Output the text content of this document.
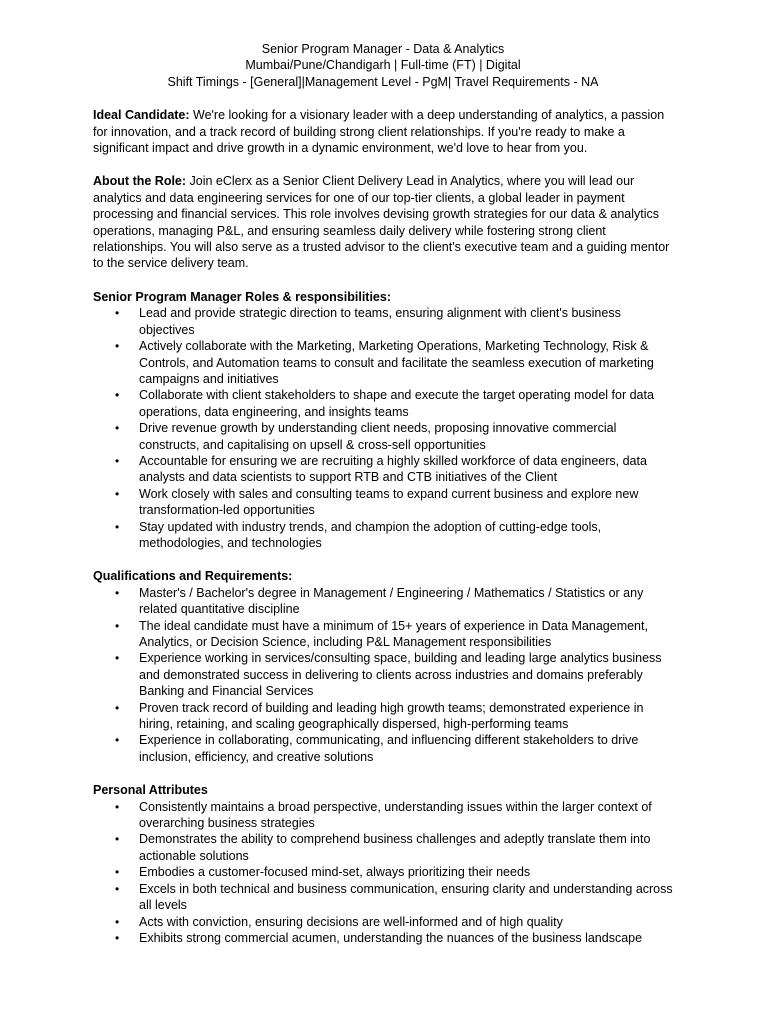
Senior Program Manager - Data & Analytics
Mumbai/Pune/Chandigarh | Full-time (FT) | Digital
Shift Timings - [General]|Management Level - PgM| Travel Requirements - NA
Ideal Candidate: We're looking for a visionary leader with a deep understanding of analytics, a passion for innovation, and a track record of building strong client relationships. If you're ready to make a significant impact and drive growth in a dynamic environment, we'd love to hear from you.
About the Role: Join eClerx as a Senior Client Delivery Lead in Analytics, where you will lead our analytics and data engineering services for one of our top-tier clients, a global leader in payment processing and financial services. This role involves devising growth strategies for our data & analytics operations, managing P&L, and ensuring seamless daily delivery while fostering strong client relationships. You will also serve as a trusted advisor to the client's executive team and a guiding mentor to the service delivery team.
Senior Program Manager Roles & responsibilities:
• Lead and provide strategic direction to teams, ensuring alignment with client's business objectives
• Actively collaborate with the Marketing, Marketing Operations, Marketing Technology, Risk & Controls, and Automation teams to consult and facilitate the seamless execution of marketing campaigns and initiatives
• Collaborate with client stakeholders to shape and execute the target operating model for data operations, data engineering, and insights teams
• Drive revenue growth by understanding client needs, proposing innovative commercial constructs, and capitalising on upsell & cross-sell opportunities
• Accountable for ensuring we are recruiting a highly skilled workforce of data engineers, data analysts and data scientists to support RTB and CTB initiatives of the Client
• Work closely with sales and consulting teams to expand current business and explore new transformation-led opportunities
• Stay updated with industry trends, and champion the adoption of cutting-edge tools, methodologies, and technologies
Qualifications and Requirements:
• Master's / Bachelor's degree in Management / Engineering / Mathematics / Statistics or any related quantitative discipline
• The ideal candidate must have a minimum of 15+ years of experience in Data Management, Analytics, or Decision Science, including P&L Management responsibilities
• Experience working in services/consulting space, building and leading large analytics business and demonstrated success in delivering to clients across industries and domains preferably Banking and Financial Services
• Proven track record of building and leading high growth teams; demonstrated experience in hiring, retaining, and scaling geographically dispersed, high-performing teams
• Experience in collaborating, communicating, and influencing different stakeholders to drive inclusion, efficiency, and creative solutions
Personal Attributes
• Consistently maintains a broad perspective, understanding issues within the larger context of overarching business strategies
• Demonstrates the ability to comprehend business challenges and adeptly translate them into actionable solutions
• Embodies a customer-focused mind-set, always prioritizing their needs
• Excels in both technical and business communication, ensuring clarity and understanding across all levels
• Acts with conviction, ensuring decisions are well-informed and of high quality
• Exhibits strong commercial acumen, understanding the nuances of the business landscape
